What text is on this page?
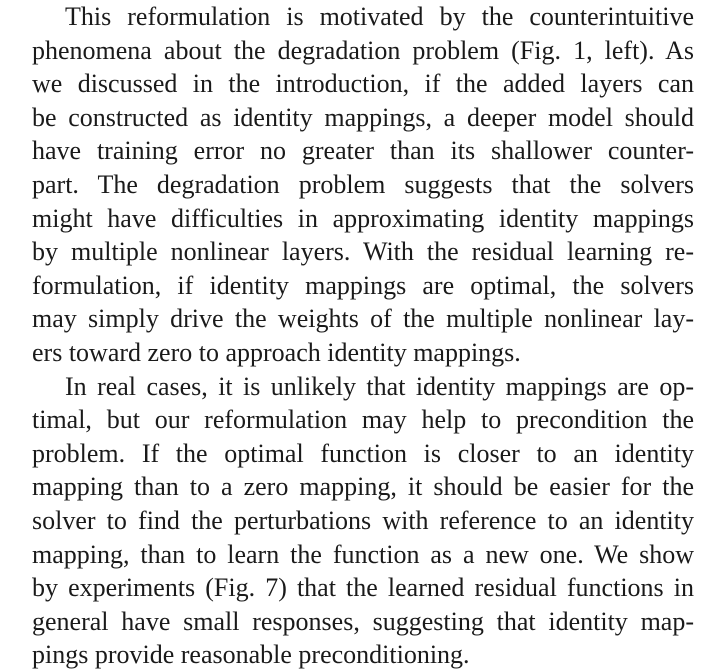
This reformulation is motivated by the counterintuitive
phenomena about the degradation problem (Fig. 1, left). As
we discussed in the introduction, if the added layers can
be constructed as identity mappings, a deeper model should
have training error no greater than its shallower counter-
part. The degradation problem suggests that the solvers
might have difficulties in approximating identity mappings
by multiple nonlinear layers. With the residual learning re-
formulation, if identity mappings are optimal, the solvers
may simply drive the weights of the multiple nonlinear lay-
ers toward zero to approach identity mappings.
In real cases, it is unlikely that identity mappings are op-
timal, but our reformulation may help to precondition the
problem. If the optimal function is closer to an identity
mapping than to a zero mapping, it should be easier for the
solver to find the perturbations with reference to an identity
mapping, than to learn the function as a new one. We show
by experiments (Fig. 7) that the learned residual functions in
general have small responses, suggesting that identity map-
pings provide reasonable preconditioning.
